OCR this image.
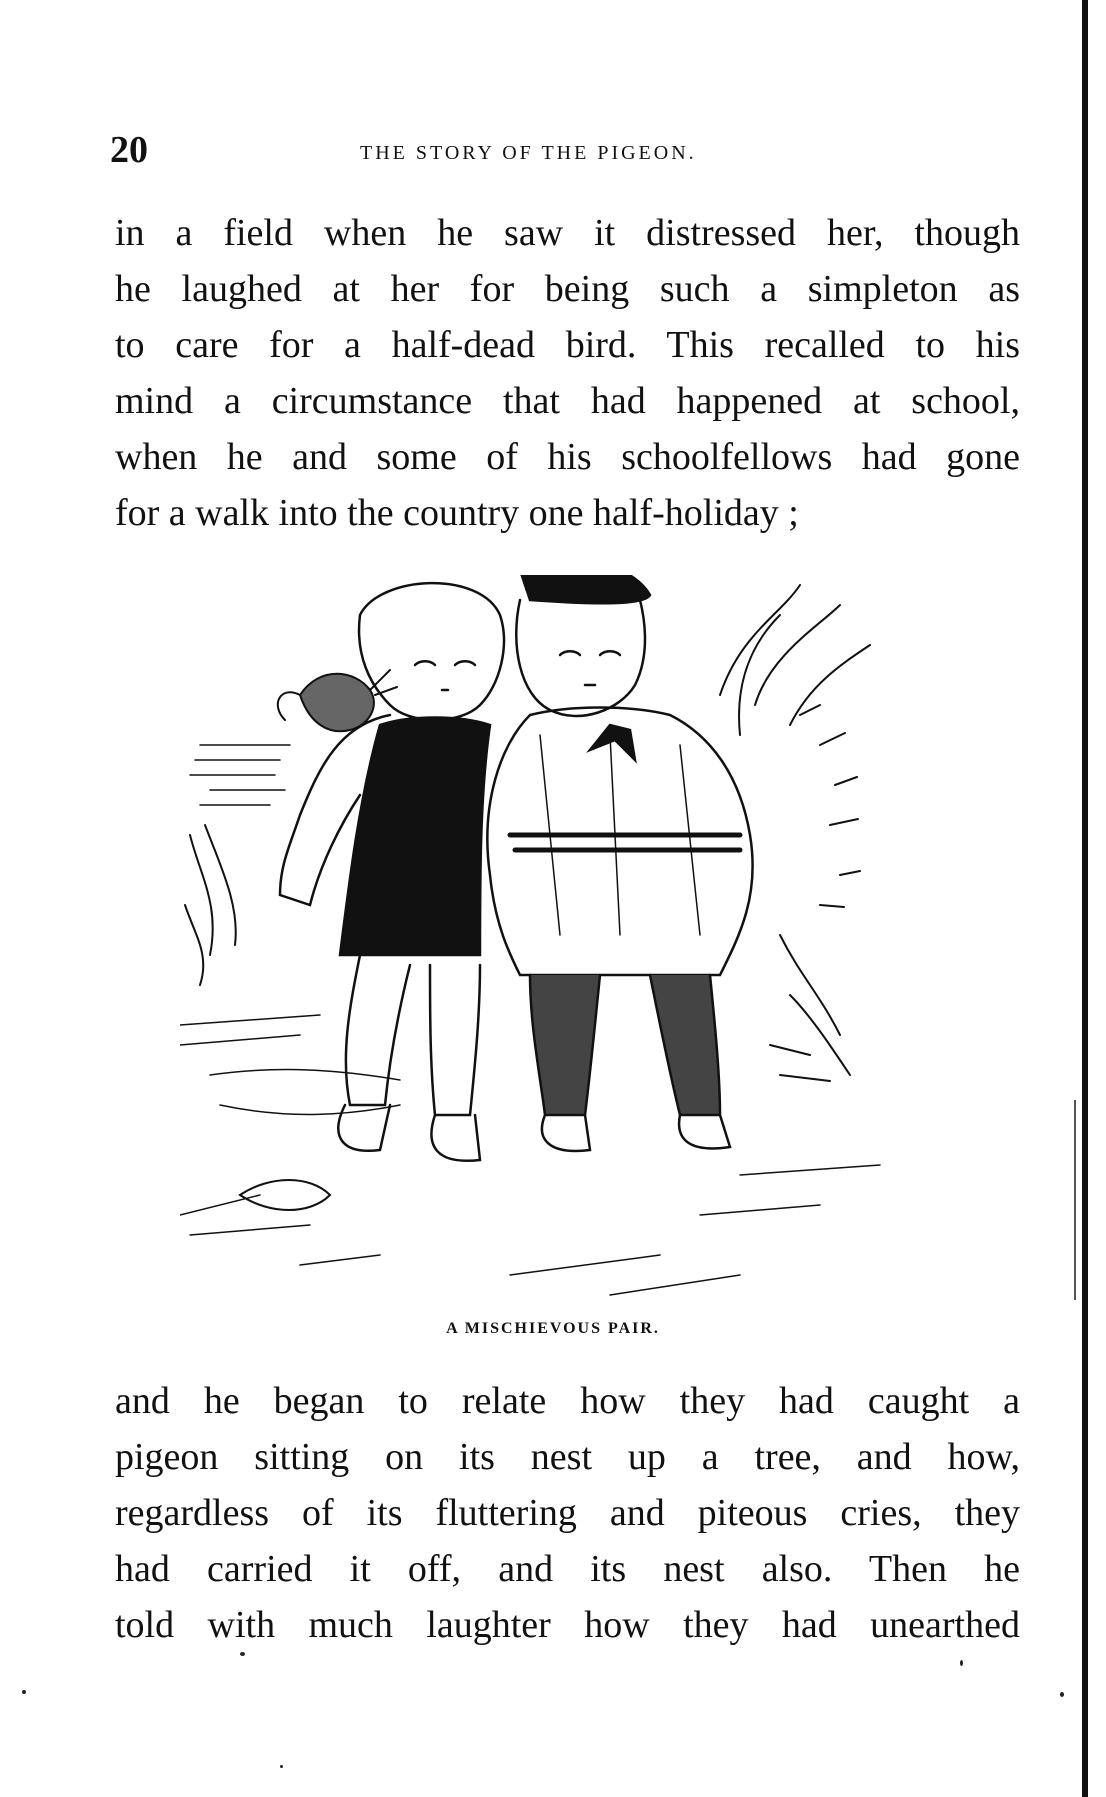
20	THE STORY OF THE PIGEON.

in a field when he saw it distressed her, though
he laughed at her for being such a simpleton as
to care for a half-dead bird. This recalled to his
mind a circumstance that had happened at school,
when he and some of his schoolfellows had gone
for a walk into the country one half-holiday ;

A MISCHIEVOUS PAIR.

and he began to relate how they had caught a
pigeon sitting on its nest up a tree, and how,
regardless of its fluttering and piteous cries, they
had carried it off, and its nest also. Then he
told with much laughter how they had unearthed
